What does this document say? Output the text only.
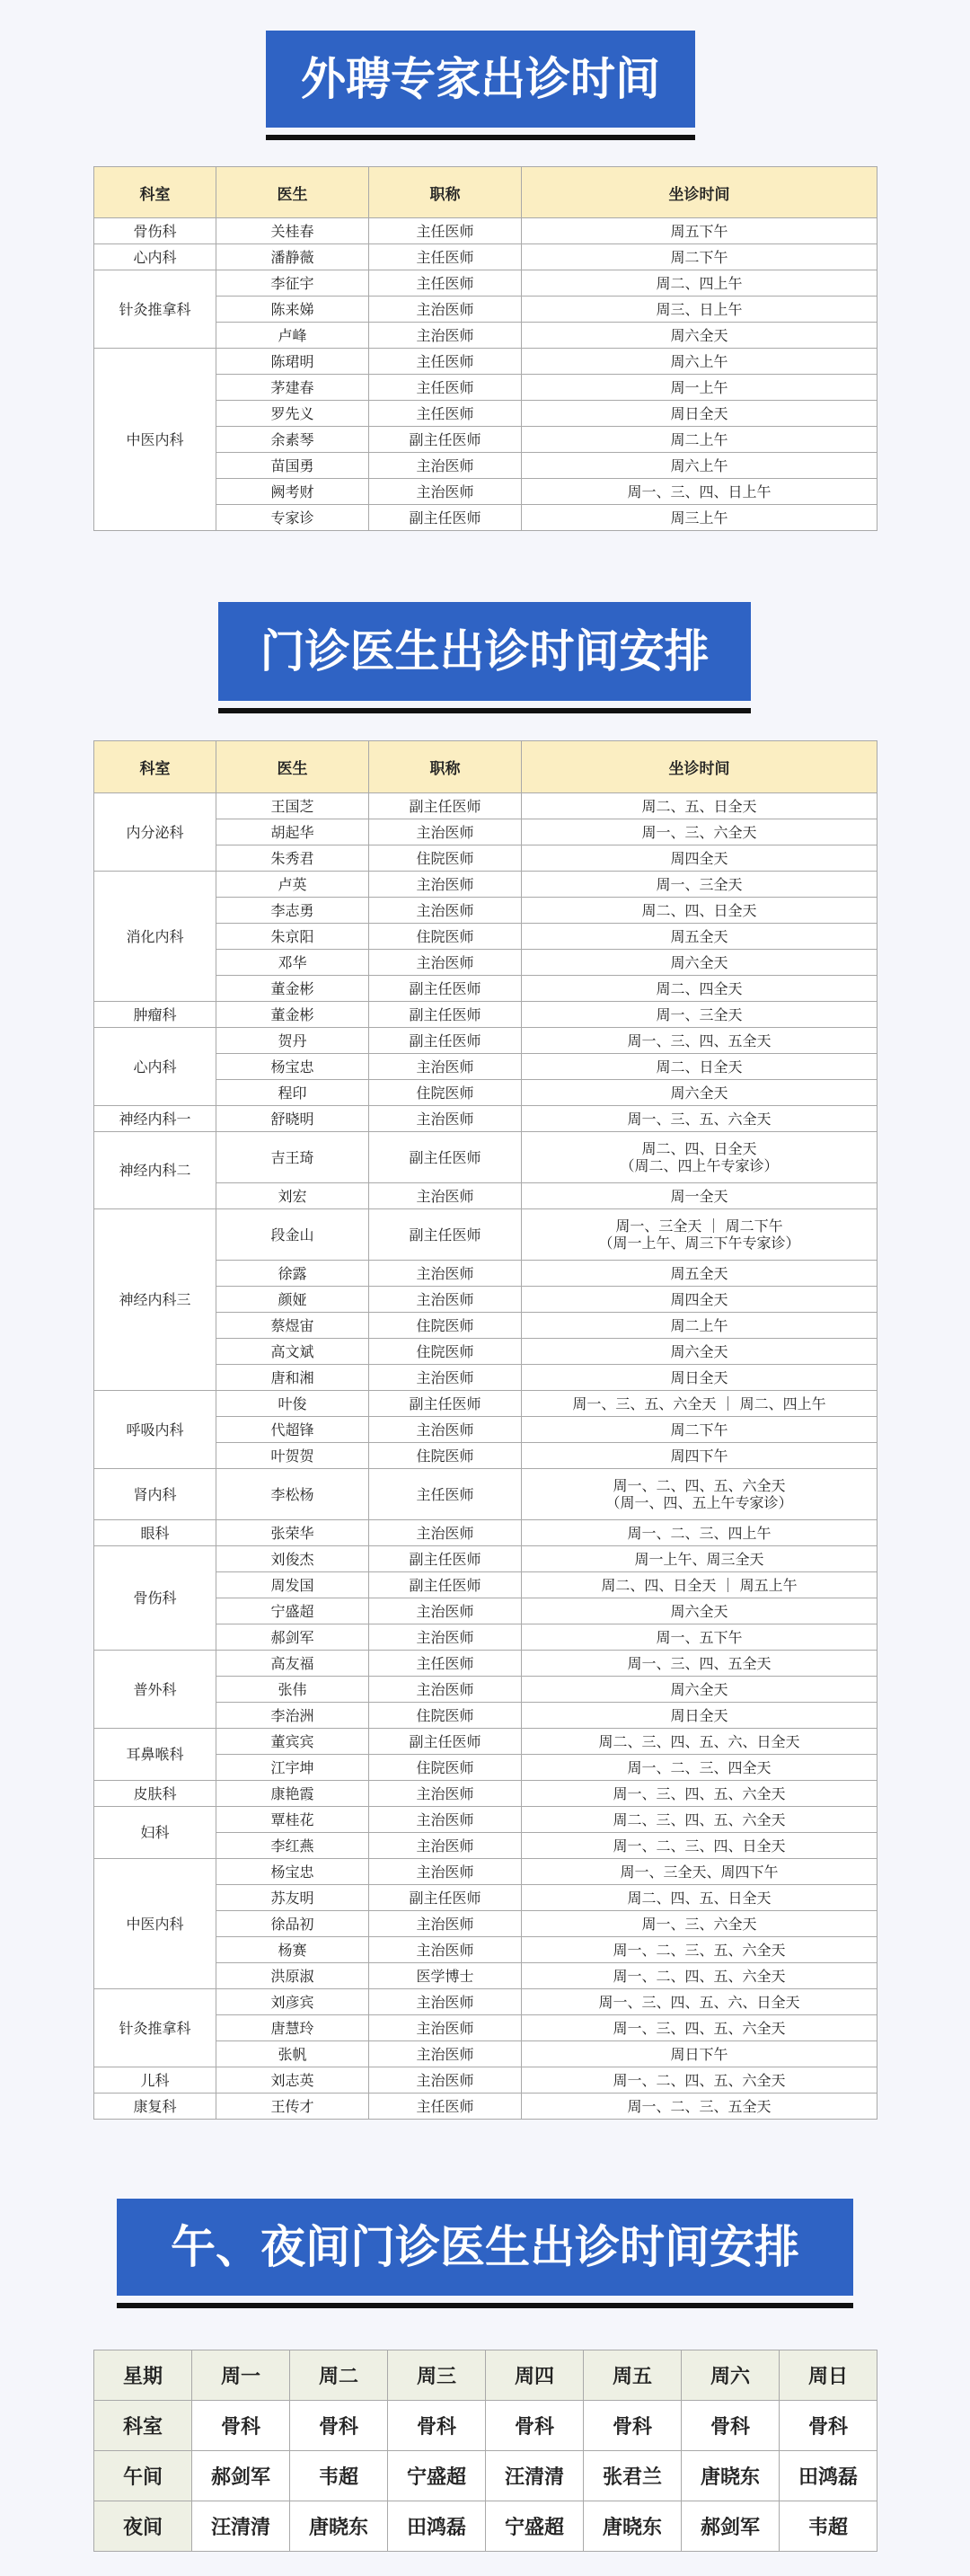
外聘专家出诊时间
科室	医生	职称	坐诊时间
骨伤科	关桂春	主任医师	周五下午
心内科	潘静薇	主任医师	周二下午
针灸推拿科	李征宇	主任医师	周二、四上午
	陈来娣	主治医师	周三、日上午
	卢峰	主治医师	周六全天
中医内科	陈珺明	主任医师	周六上午
	茅建春	主任医师	周一上午
	罗先义	主任医师	周日全天
	余素琴	副主任医师	周二上午
	苗国勇	主治医师	周六上午
	阙考财	主治医师	周一、三、四、日上午
	专家诊	副主任医师	周三上午
门诊医生出诊时间安排
科室	医生	职称	坐诊时间
内分泌科	王国芝	副主任医师	周二、五、日全天

	胡起华	主治医师	周一、三、六全天

	朱秀君	住院医师	周四全天

消化内科	卢英	主治医师	周一、三全天

	李志勇	主治医师	周二、四、日全天

	朱京阳	住院医师	周五全天

	邓华	主治医师	周六全天

	董金彬	副主任医师	周二、四全天

肿瘤科	董金彬	副主任医师	周一、三全天

心内科	贺丹	副主任医师	周一、三、四、五全天

	杨宝忠	主治医师	周二、日全天

	程印	住院医师	周六全天

神经内科一	舒晓明	主治医师	周一、三、五、六全天

神经内科二	吉王琦	副主任医师	周二、四、日全天
（周二、四上午专家诊）

	刘宏	主治医师	周一全天

神经内科三	段金山	副主任医师	周一、三全天 ｜ 周二下午
（周一上午、周三下午专家诊）

	徐露	主治医师	周五全天

	颜娅	主治医师	周四全天

	蔡煜宙	住院医师	周二上午

	高文斌	住院医师	周六全天

	唐和湘	主治医师	周日全天

呼吸内科	叶俊	副主任医师	周一、三、五、六全天 ｜ 周二、四上午

	代超锋	主治医师	周二下午

	叶贺贺	住院医师	周四下午

肾内科	李松杨	主任医师	周一、二、四、五、六全天
（周一、四、五上午专家诊）

眼科	张荣华	主治医师	周一、二、三、四上午

骨伤科	刘俊杰	副主任医师	周一上午、周三全天

	周发国	副主任医师	周二、四、日全天 ｜ 周五上午

	宁盛超	主治医师	周六全天

	郝剑军	主治医师	周一、五下午

普外科	高友福	主任医师	周一、三、四、五全天

	张伟	主治医师	周六全天

	李治洲	住院医师	周日全天

耳鼻喉科	董宾宾	副主任医师	周二、三、四、五、六、日全天

	江宇坤	住院医师	周一、二、三、四全天

皮肤科	康艳霞	主治医师	周一、三、四、五、六全天

妇科	覃桂花	主治医师	周二、三、四、五、六全天

	李红燕	主治医师	周一、二、三、四、日全天

中医内科	杨宝忠	主治医师	周一、三全天、周四下午

	苏友明	副主任医师	周二、四、五、日全天

	徐品初	主治医师	周一、三、六全天

	杨赛	主治医师	周一、二、三、五、六全天

	洪原淑	医学博士	周一、二、四、五、六全天

针灸推拿科	刘彦宾	主治医师	周一、三、四、五、六、日全天

	唐慧玲	主治医师	周一、三、四、五、六全天

	张帆	主治医师	周日下午

儿科	刘志英	主治医师	周一、二、四、五、六全天

康复科	王传才	主任医师	周一、二、三、五全天
午、夜间门诊医生出诊时间安排
星期	周一	周二	周三	周四	周五	周六	周日
科室	骨科	骨科	骨科	骨科	骨科	骨科	骨科
午间	郝剑军	韦超	宁盛超	汪清清	张君兰	唐晓东	田鸿磊
夜间	汪清清	唐晓东	田鸿磊	宁盛超	唐晓东	郝剑军	韦超
